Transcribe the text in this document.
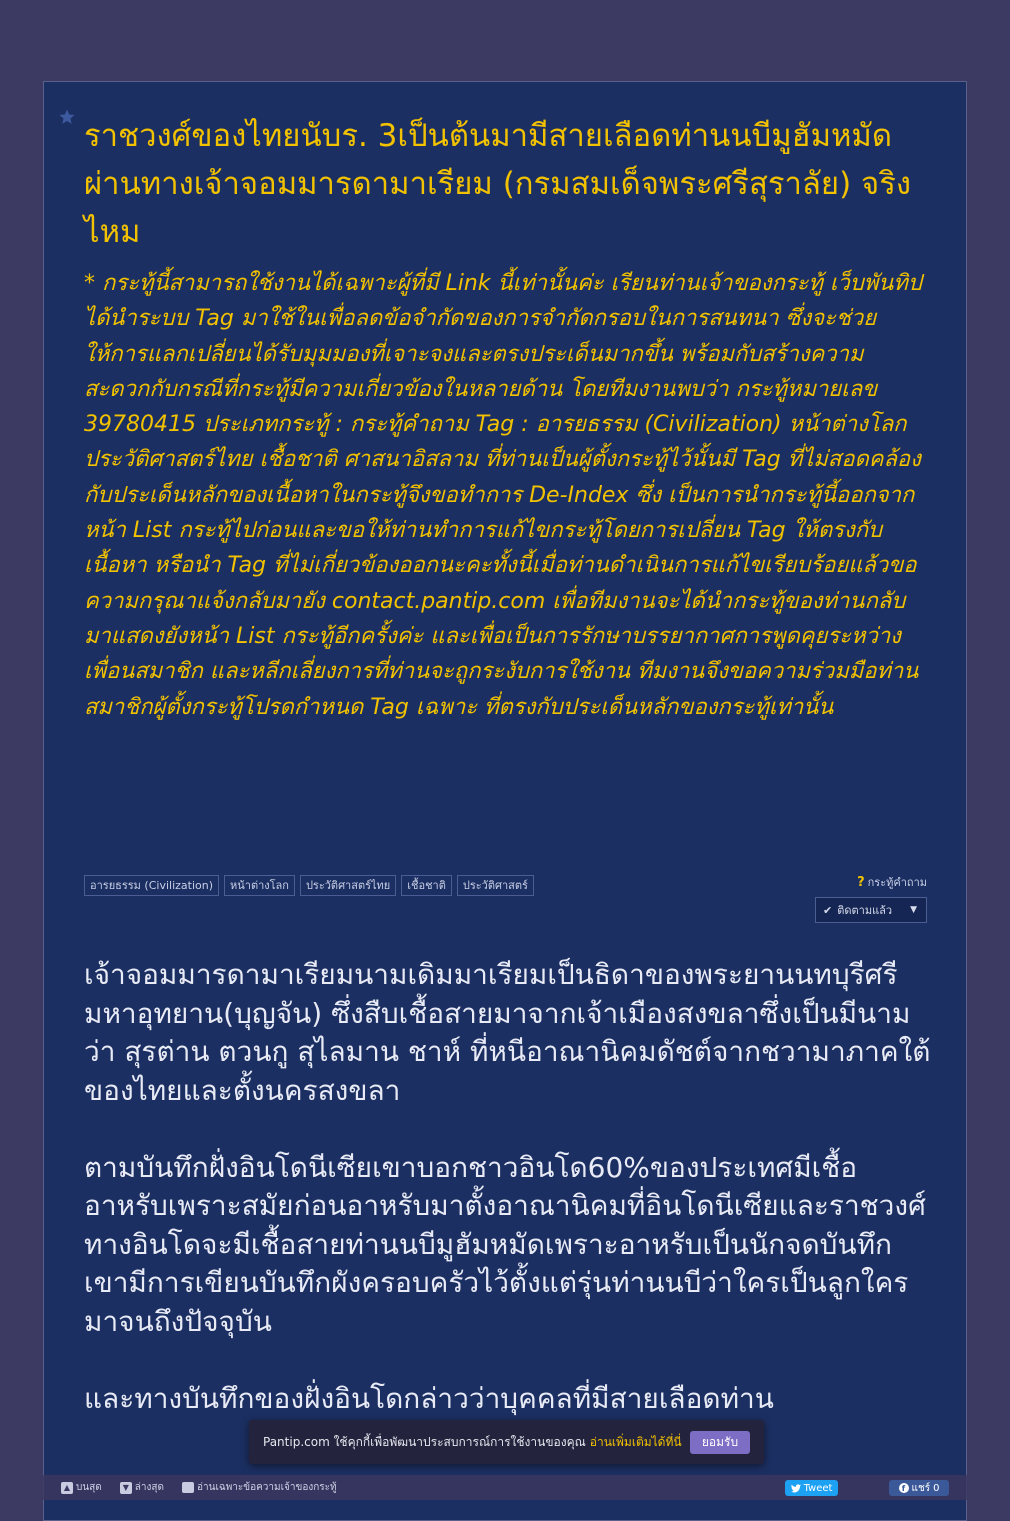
ราชวงศ์ของไทยนับร. 3เป็นต้นมามีสายเลือดท่านนบีมูฮัมหมัดผ่านทางเจ้าจอมมารดามาเรียม (กรมสมเด็จพระศรีสุราลัย) จริงไหม
* กระทู้นี้สามารถใช้งานได้เฉพาะผู้ที่มี Link นี้เท่านั้นค่ะ เรียนท่านเจ้าของกระทู้ เว็บพันทิปได้นำระบบ Tag มาใช้ในเพื่อลดข้อจำกัดของการจำกัดกรอบในการสนทนา ซึ่งจะช่วยให้การแลกเปลี่ยนได้รับมุมมองที่เจาะจงและตรงประเด็นมากขึ้น พร้อมกับสร้างความสะดวกกับกรณีที่กระทู้มีความเกี่ยวข้องในหลายด้าน โดยทีมงานพบว่า กระทู้หมายเลข 39780415 ประเภทกระทู้ : กระทู้คำถาม Tag : อารยธรรม (Civilization) หน้าต่างโลก ประวัติศาสตร์ไทย เชื้อชาติ ศาสนาอิสลาม ที่ท่านเป็นผู้ตั้งกระทู้ไว้นั้นมี Tag ที่ไม่สอดคล้องกับประเด็นหลักของเนื้อหาในกระทู้จึงขอทำการ De-Index ซึ่ง เป็นการนำกระทู้นี้ออกจากหน้า List กระทู้ไปก่อนและขอให้ท่านทำการแก้ไขกระทู้โดยการเปลี่ยน Tag ให้ตรงกับเนื้อหา หรือนำ Tag ที่ไม่เกี่ยวข้องออกนะคะทั้งนี้เมื่อท่านดำเนินการแก้ไขเรียบร้อยแล้วขอความกรุณาแจ้งกลับมายัง contact.pantip.com เพื่อทีมงานจะได้นำกระทู้ของท่านกลับมาแสดงยังหน้า List กระทู้อีกครั้งค่ะ และเพื่อเป็นการรักษาบรรยากาศการพูดคุยระหว่างเพื่อนสมาชิก และหลีกเลี่ยงการที่ท่านจะถูกระงับการใช้งาน ทีมงานจึงขอความร่วมมือท่านสมาชิกผู้ตั้งกระทู้โปรดกำหนด Tag เฉพาะ ที่ตรงกับประเด็นหลักของกระทู้เท่านั้น
อารยธรรม (Civilization)	หน้าต่างโลก	ประวัติศาสตร์ไทย	เชื้อชาติ	ประวัติศาสตร์	? กระทู้คำถาม
✔ ติดตามแล้ว ▼

เจ้าจอมมารดามาเรียมนามเดิมมาเรียมเป็นธิดาของพระยานนทบุรีศรีมหาอุทยาน(บุญจัน) ซึ่งสืบเชื้อสายมาจากเจ้าเมืองสงขลาซึ่งเป็นมีนามว่า สุรต่าน ตวนกู สุไลมาน ชาห์ ที่หนีอาณานิคมดัชต์จากชวามาภาคใต้ของไทยและตั้งนครสงขลา

ตามบันทึกฝั่งอินโดนีเซียเขาบอกชาวอินโด60%ของประเทศมีเชื้ออาหรับเพราะสมัยก่อนอาหรับมาตั้งอาณานิคมที่อินโดนีเซียและราชวงศ์ทางอินโดจะมีเชื้อสายท่านนบีมูฮัมหมัดเพราะอาหรับเป็นนักจดบันทึกเขามีการเขียนบันทึกผังครอบครัวไว้ตั้งแต่รุ่นท่านนบีว่าใครเป็นลูกใครมาจนถึงปัจจุบัน

และทางบันทึกของฝั่งอินโดกล่าวว่าบุคคลที่มีสายเลือดท่าน

Pantip.com ใช้คุกกี้เพื่อพัฒนาประสบการณ์การใช้งานของคุณ อ่านเพิ่มเติมได้ที่นี่	ยอมรับ
▲ บนสุด	▼ ล่างสุด	อ่านเฉพาะข้อความเจ้าของกระทู้	Tweet	f แชร์ 0
